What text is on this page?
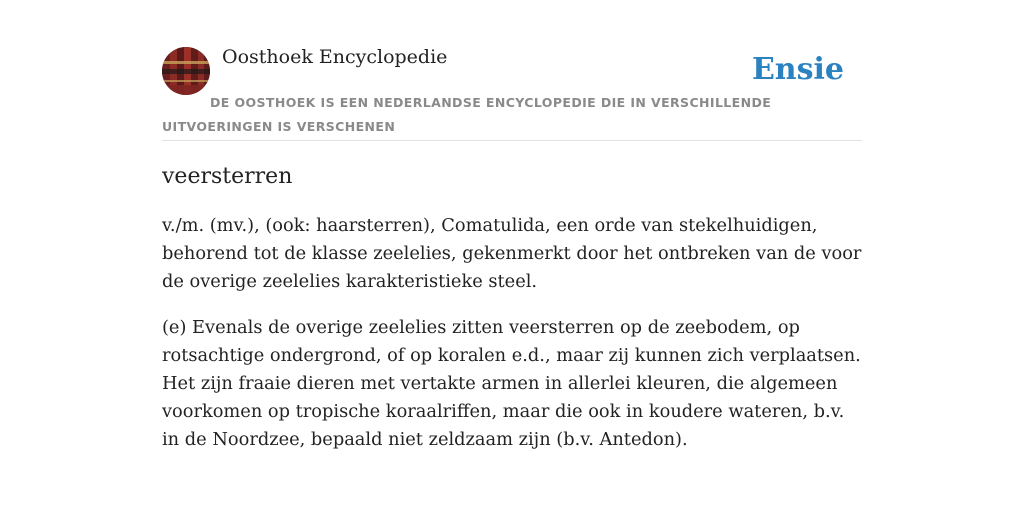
Oosthoek Encyclopedie	Ensie
DE OOSTHOEK IS EEN NEDERLANDSE ENCYCLOPEDIE DIE IN VERSCHILLENDE UITVOERINGEN IS VERSCHENEN
veersterren

v./m. (mv.), (ook: haarsterren), Comatulida, een orde van stekelhuidigen, behorend tot de klasse zeelelies, gekenmerkt door het ontbreken van de voor de overige zeelelies karakteristieke steel.

(e) Evenals de overige zeelelies zitten veersterren op de zeebodem, op rotsachtige ondergrond, of op koralen e.d., maar zij kunnen zich verplaatsen. Het zijn fraaie dieren met vertakte armen in allerlei kleuren, die algemeen voorkomen op tropische koraalriffen, maar die ook in koudere wateren, b.v. in de Noordzee, bepaald niet zeldzaam zijn (b.v. Antedon).
